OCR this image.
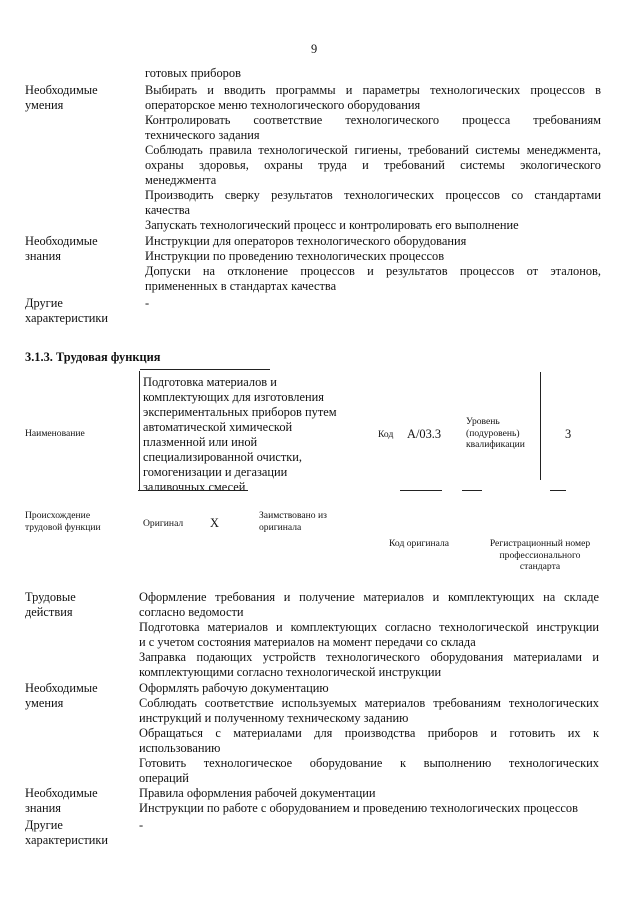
9
готовых приборов
Необходимые умения
Выбирать и вводить программы и параметры технологических процессов в
операторское меню технологического оборудования
Контролировать соответствие технологического процесса требованиям
технического задания
Соблюдать правила технологической гигиены, требований системы менеджмента,
охраны здоровья, охраны труда и требований системы экологического
менеджмента
Производить сверку результатов технологических процессов со стандартами
качества
Запускать технологический процесс и контролировать его выполнение
Необходимые знания
Инструкции для операторов технологического оборудования
Инструкции по проведению технологических процессов
Допуски на отклонение процессов и результатов процессов от эталонов,
примененных в стандартах качества
Другие характеристики
-
3.1.3. Трудовая функция
Наименование
Подготовка материалов и
комплектующих для изготовления
экспериментальных приборов путем
автоматической химической
плазменной или иной
специализированной очистки,
гомогенизации и дегазации
заливочных смесей
Код А/03.3
Уровень (подуровень) квалификации
3
Происхождение трудовой функции	Оригинал X
Заимствовано из оригинала
Код оригинала	Регистрационный номер профессионального стандарта
Трудовые действия
Оформление требования и получение материалов и комплектующих на складе
согласно ведомости
Подготовка материалов и комплектующих согласно технологической инструкции
и с учетом состояния материалов на момент передачи со склада
Заправка подающих устройств технологического оборудования материалами и
комплектующими согласно технологической инструкции
Необходимые умения
Оформлять рабочую документацию
Соблюдать соответствие используемых материалов требованиям технологических
инструкций и полученному техническому заданию
Обращаться с материалами для производства приборов и готовить их к
использованию
Готовить технологическое оборудование к выполнению технологических
операций
Необходимые знания
Правила оформления рабочей документации
Инструкции по работе с оборудованием и проведению технологических процессов
Другие характеристики
-
